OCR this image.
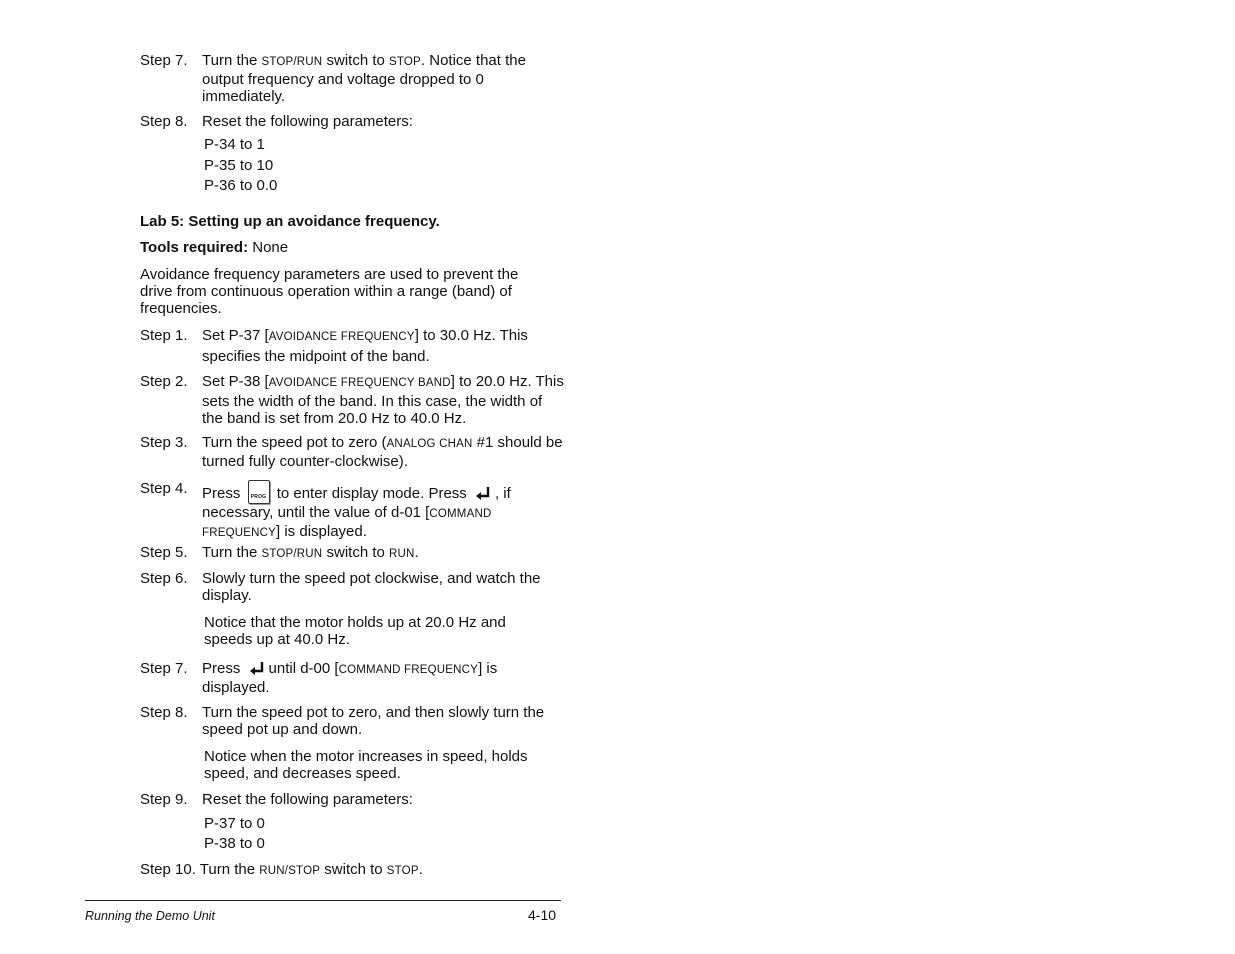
Step 7. Turn the STOP/RUN switch to STOP. Notice that the output frequency and voltage dropped to 0 immediately.
Step 8. Reset the following parameters:
P-34 to 1
P-35 to 10
P-36 to 0.0
Lab 5: Setting up an avoidance frequency.
Tools required: None
Avoidance frequency parameters are used to prevent the drive from continuous operation within a range (band) of frequencies.
Step 1. Set P-37 [AVOIDANCE FREQUENCY] to 30.0 Hz. This specifies the midpoint of the band.
Step 2. Set P-38 [AVOIDANCE FREQUENCY BAND] to 20.0 Hz. This sets the width of the band. In this case, the width of the band is set from 20.0 Hz to 40.0 Hz.
Step 3. Turn the speed pot to zero (ANALOG CHAN #1 should be turned fully counter-clockwise).
Step 4. Press	PROG to enter display mode. Press , if necessary, until the value of d-01 [COMMAND FREQUENCY] is displayed.
Step 5. Turn the STOP/RUN switch to RUN.
Step 6. Slowly turn the speed pot clockwise, and watch the display.
Notice that the motor holds up at 20.0 Hz and speeds up at 40.0 Hz.
Step 7. Press until d-00 [COMMAND FREQUENCY] is displayed.
Step 8. Turn the speed pot to zero, and then slowly turn the speed pot up and down.
Notice when the motor increases in speed, holds speed, and decreases speed.
Step 9. Reset the following parameters:
P-37 to 0
P-38 to 0
Step 10. Turn the RUN/STOP switch to STOP.
Running the Demo Unit	4-10
